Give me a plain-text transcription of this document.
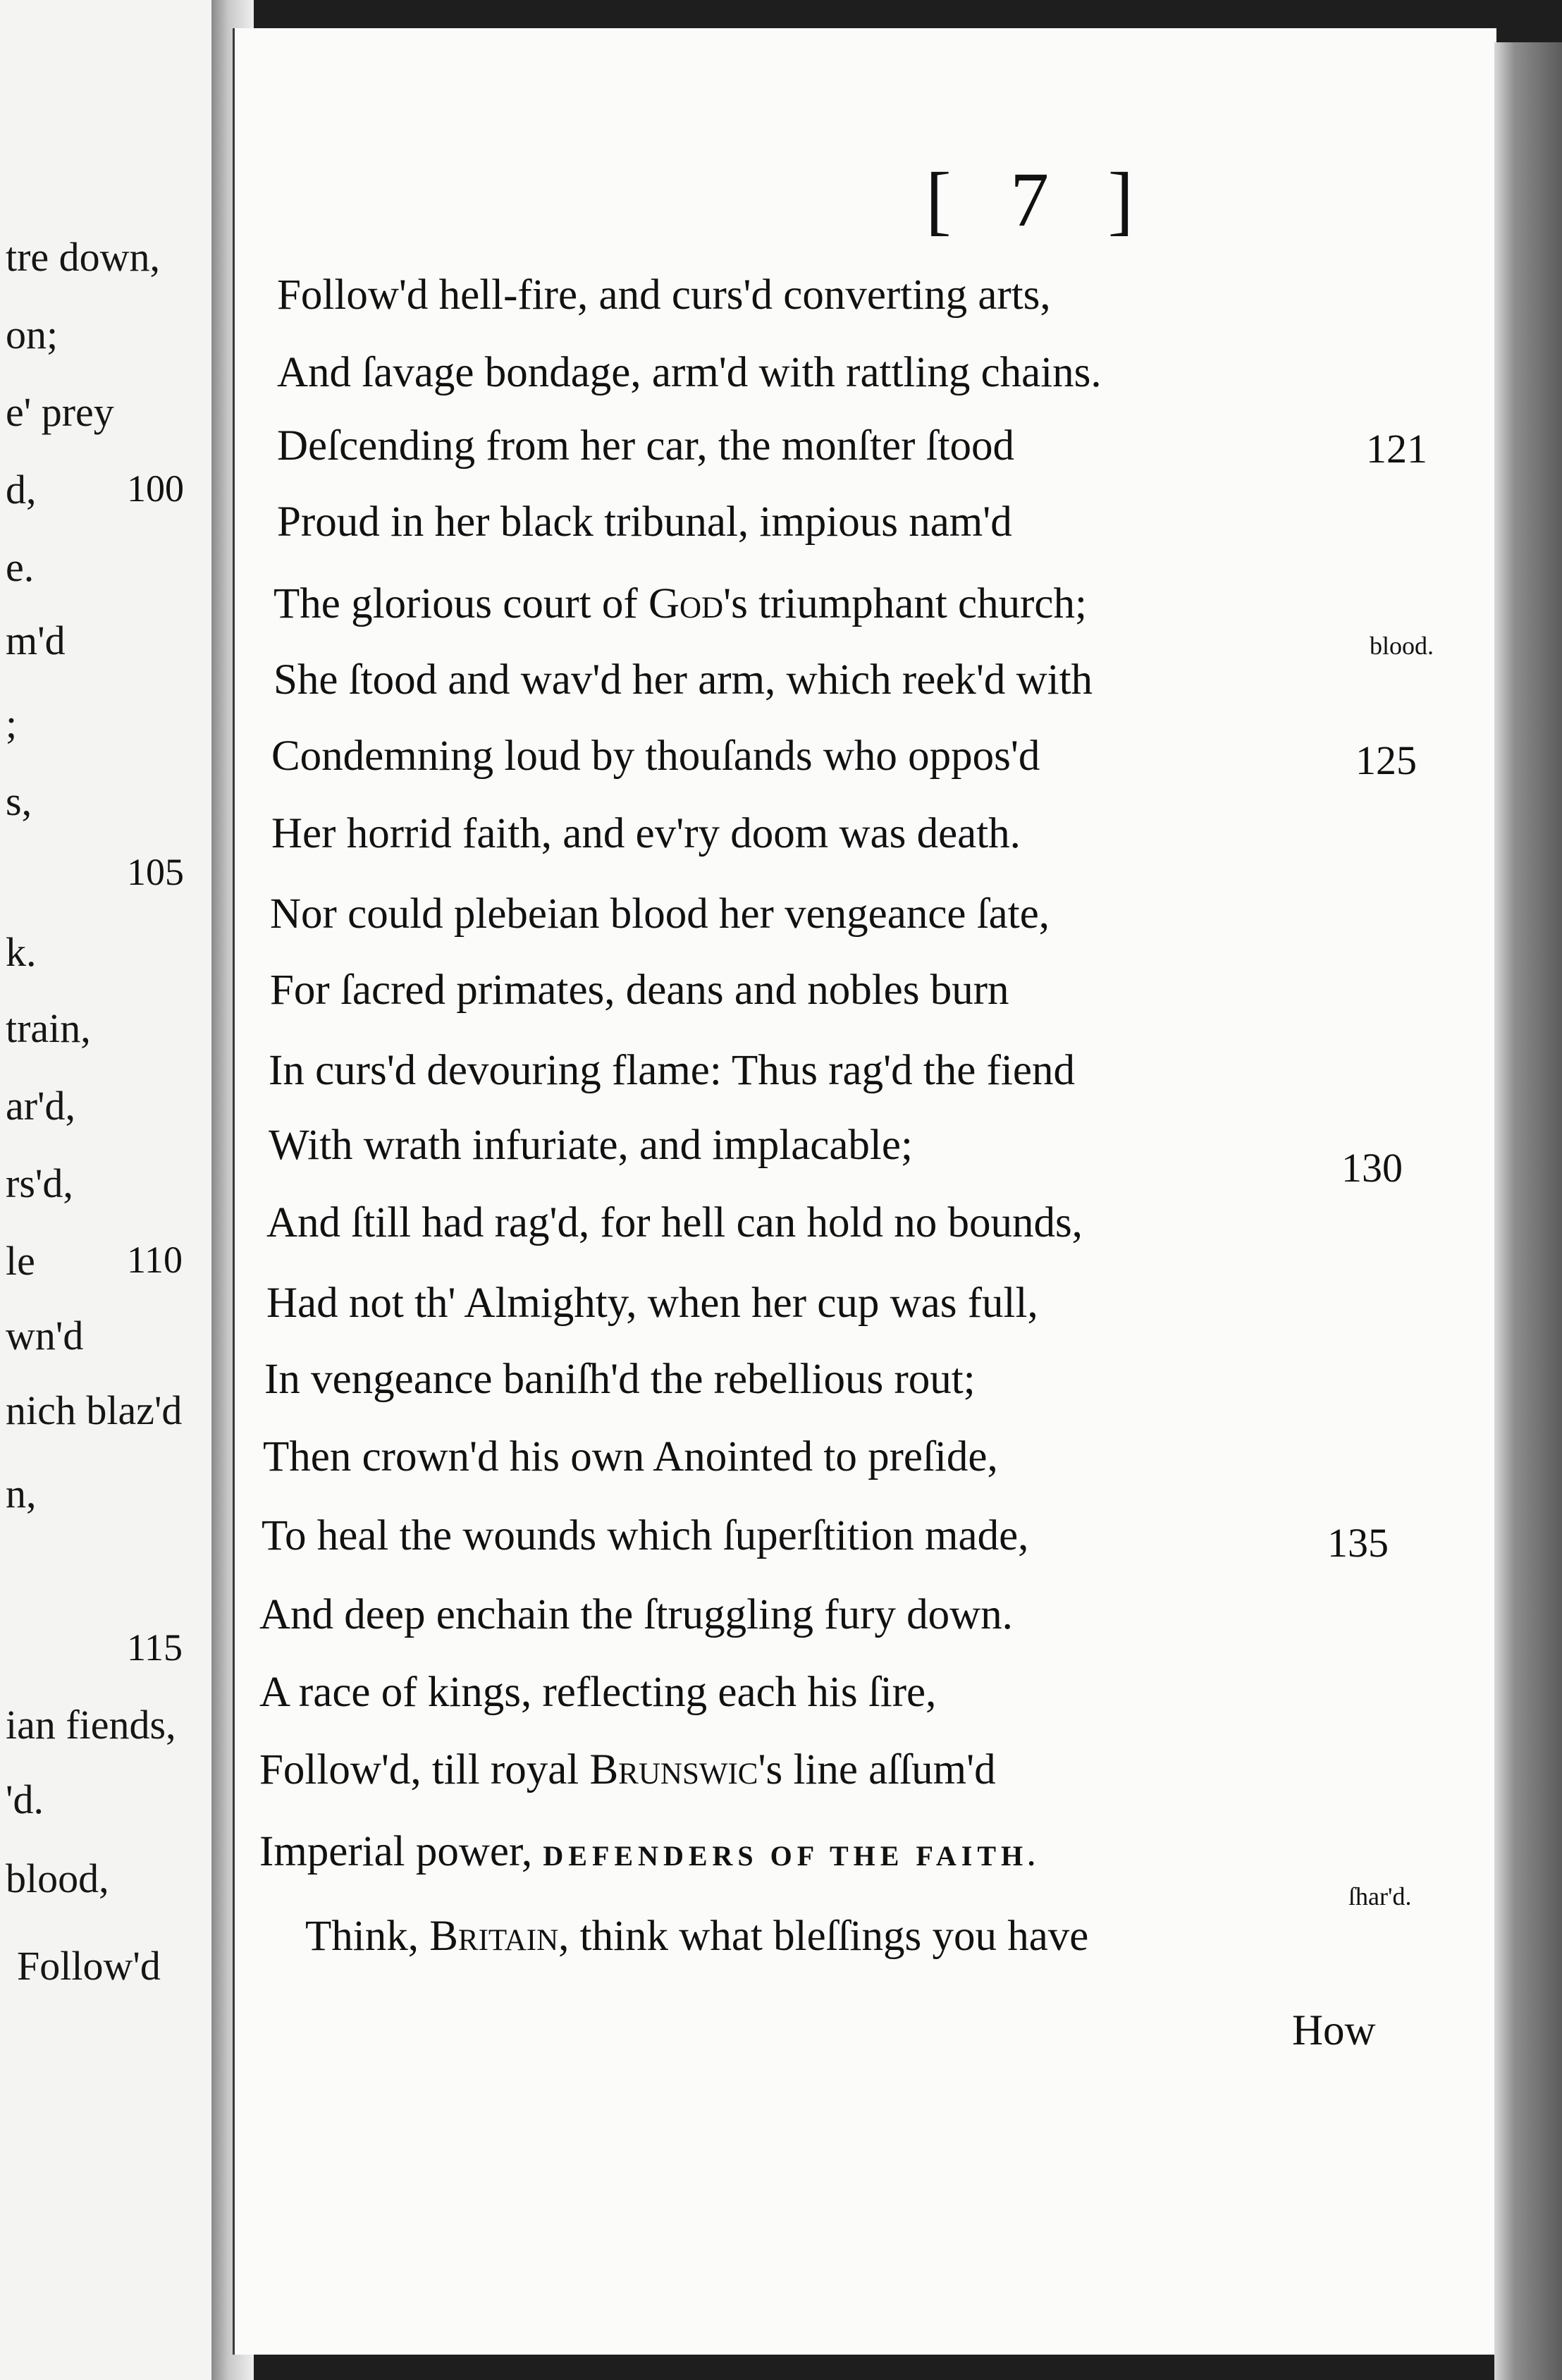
tre down,
on;
e' prey
d,
e.
m'd
;
s,
k.
train,
ar'd,
rs'd,
le
wn'd
nich blaz'd
n,
ian fiends,
'd.
blood,
Follow'd
100
105
110
115
[ 7 ]
Follow'd hell-fire, and curs'd converting arts,
And ſavage bondage, arm'd with rattling chains.
Deſcending from her car, the monſter ſtood
Proud in her black tribunal, impious nam'd
The glorious court of God's triumphant church;
She ſtood and wav'd her arm, which reek'd with
Condemning loud by thouſands who oppos'd
Her horrid faith, and ev'ry doom was death.
Nor could plebeian blood her vengeance ſate,
For ſacred primates, deans and nobles burn
In curs'd devouring flame: Thus rag'd the fiend
With wrath infuriate, and implacable;
And ſtill had rag'd, for hell can hold no bounds,
Had not th' Almighty, when her cup was full,
In vengeance baniſh'd the rebellious rout;
Then crown'd his own Anointed to preſide,
To heal the wounds which ſuperſtition made,
And deep enchain the ſtruggling fury down.
A race of kings, reflecting each his ſire,
Follow'd, till royal Brunswic's line aſſum'd
Imperial power, DEFENDERS OF THE FAITH.
Think, Britain, think what bleſſings you have
121
125
130
135
blood.
ſhar'd.
How
